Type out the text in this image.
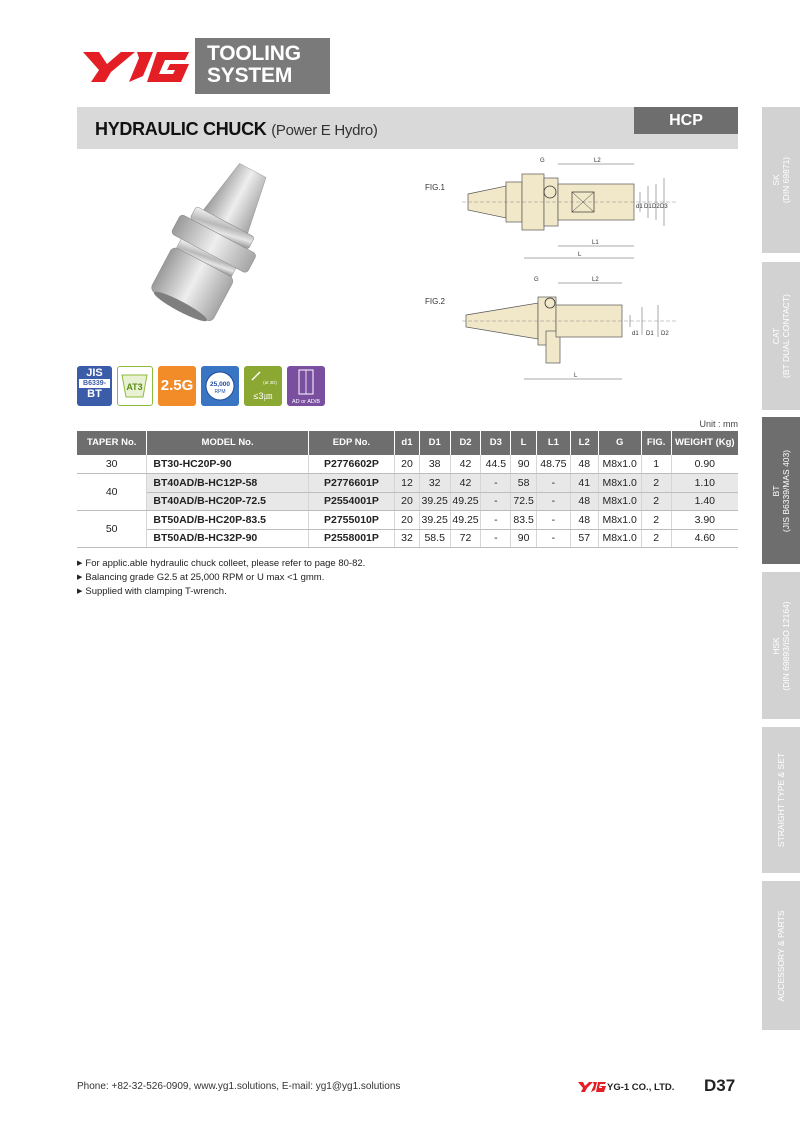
TOOLING
SYSTEM
HYDRAULIC CHUCK (Power E Hydro)
HCP
FIG.1
G	L2
L1
L
d1 D1 D2 D3
FIG.2
G	L2
L
d1 D1 D2
JIS
B6339-
BT
AT3 2.5G	25,000
RPM
(at 3D)
≤3㎛
AD or AD/B
Unit : mm
TAPER No.	MODEL No.	EDP No.	d1	D1	D2	D3	L	L1	L2	G	FIG.	WEIGHT (Kg)
30	BT30-HC20P-90	P2776602P	20	38	42	44.5	90	48.75	48	M8x1.0	1	0.90
40	BT40AD/B-HC12P-58	P2776601P	12	32	42	-	58	-	41	M8x1.0	2	1.10
	BT40AD/B-HC20P-72.5	P2554001P	20	39.25	49.25	-	72.5	-	48	M8x1.0	2	1.40
50	BT50AD/B-HC20P-83.5	P2755010P	20	39.25	49.25	-	83.5	-	48	M8x1.0	2	3.90
	BT50AD/B-HC32P-90	P2558001P	32	58.5	72	-	90	-	57	M8x1.0	2	4.60
▶ For applic.able hydraulic chuck colleet, please refer to page 80-82.
▶ Balancing grade G2.5 at 25,000 RPM or U max <1 gmm.
▶ Supplied with clamping T-wrench.
SK (DIN 69871)
CAT (BT DUAL CONTACT)
BT (JIS B6339/MAS 403)
HSK (DIN 69893/ISO 12164)
STRAIGHT TYPE & SET
ACCESSORY & PARTS
Phone: +82-32-526-0909, www.yg1.solutions, E-mail: yg1@yg1.solutions	YG-1 CO., LTD. D37
